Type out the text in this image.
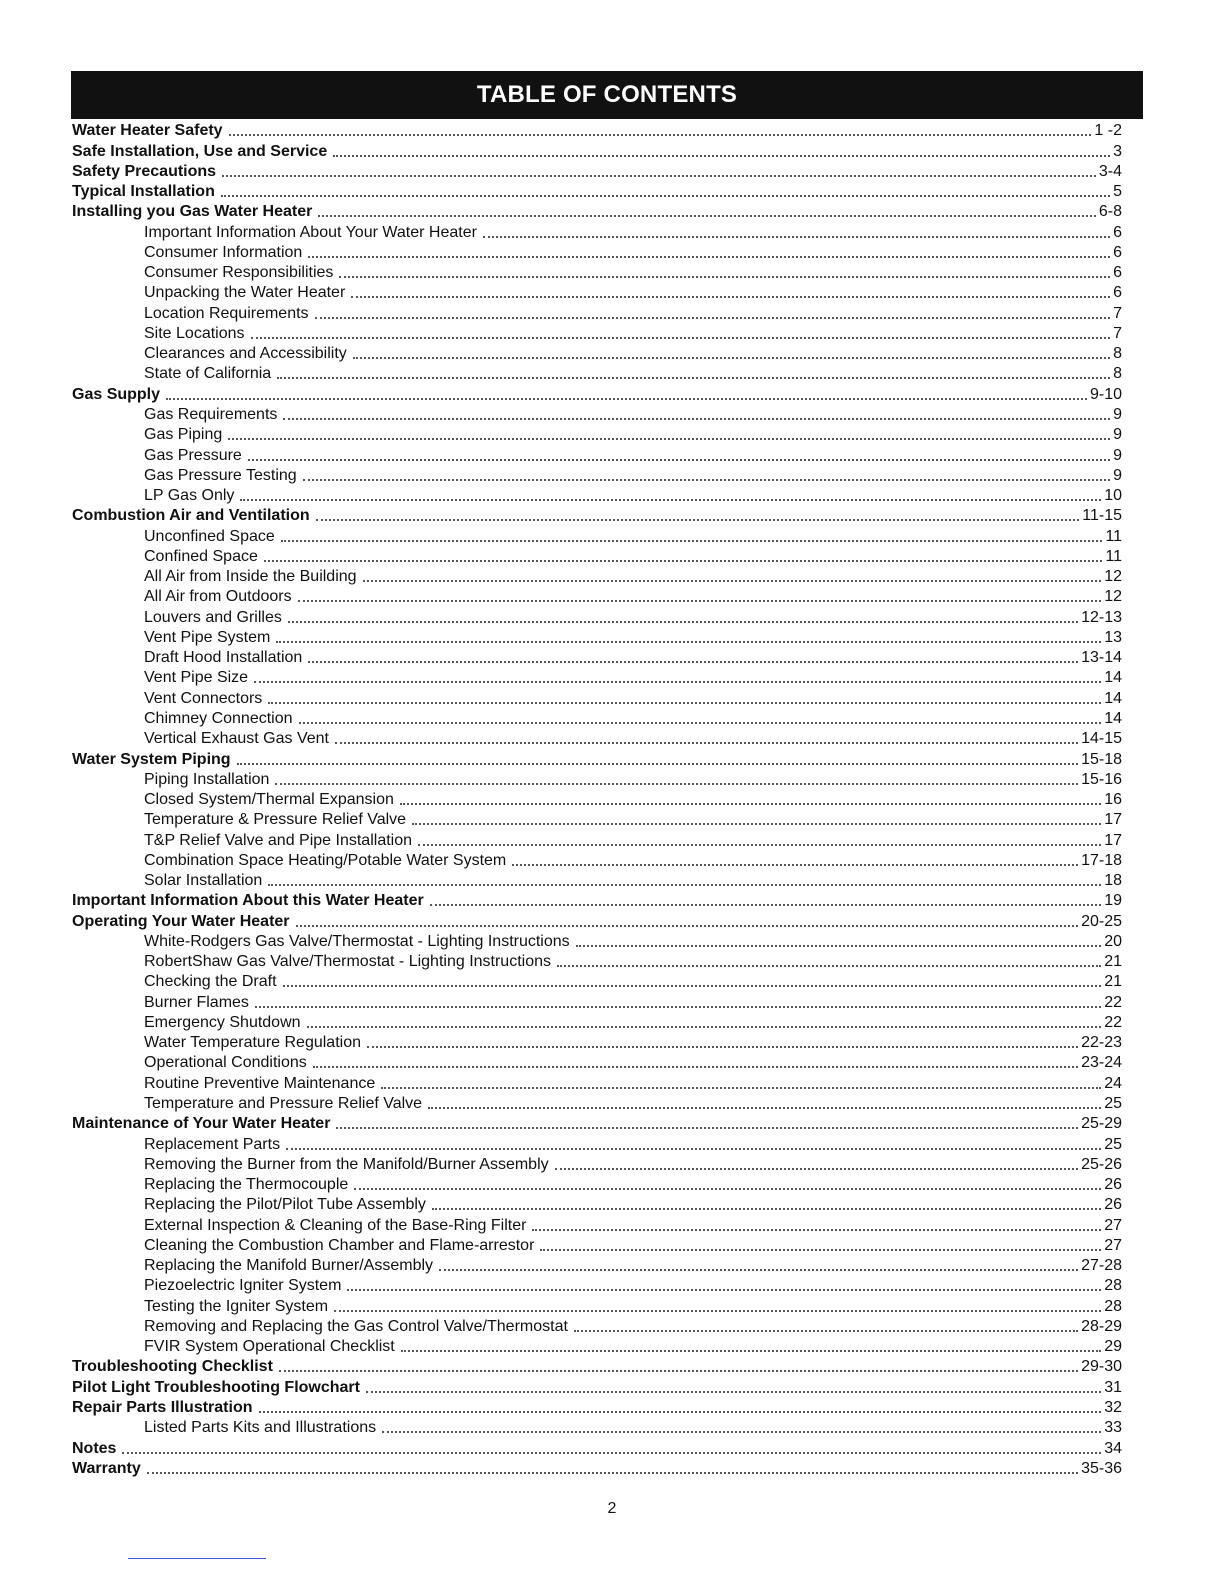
TABLE OF CONTENTS
Water Heater Safety	1 -2
Safe Installation, Use and Service	3
Safety Precautions	3-4
Typical Installation	5
Installing you Gas Water Heater	6-8
Important Information About Your Water Heater	6
Consumer Information	6
Consumer Responsibilities	6
Unpacking the Water Heater	6
Location Requirements	7
Site Locations	7
Clearances and Accessibility	8
State of California	8
Gas Supply	9-10
Gas Requirements	9
Gas Piping	9
Gas Pressure	9
Gas Pressure Testing	9
LP Gas Only	10
Combustion Air and Ventilation	11-15
Unconfined Space	11
Confined Space	11
All Air from Inside the Building	12
All Air from Outdoors	12
Louvers and Grilles	12-13
Vent Pipe System	13
Draft Hood Installation	13-14
Vent Pipe Size	14
Vent Connectors	14
Chimney Connection	14
Vertical Exhaust Gas Vent	14-15
Water System Piping	15-18
Piping Installation	15-16
Closed System/Thermal Expansion	16
Temperature & Pressure Relief Valve	17
T&P Relief Valve and Pipe Installation	17
Combination Space Heating/Potable Water System	17-18
Solar Installation	18
Important Information About this Water Heater	19
Operating Your Water Heater	20-25
White-Rodgers Gas Valve/Thermostat - Lighting Instructions	20
RobertShaw Gas Valve/Thermostat - Lighting Instructions	21
Checking the Draft	21
Burner Flames	22
Emergency Shutdown	22
Water Temperature Regulation	22-23
Operational Conditions	23-24
Routine Preventive Maintenance	24
Temperature and Pressure Relief Valve	25
Maintenance of Your Water Heater	25-29
Replacement Parts	25
Removing the Burner from the Manifold/Burner Assembly	25-26
Replacing the Thermocouple	26
Replacing the Pilot/Pilot Tube Assembly	26
External Inspection & Cleaning of the Base-Ring Filter	27
Cleaning the Combustion Chamber and Flame-arrestor	27
Replacing the Manifold Burner/Assembly	27-28
Piezoelectric Igniter System	28
Testing the Igniter System	28
Removing and Replacing the Gas Control Valve/Thermostat	28-29
FVIR System Operational Checklist	29
Troubleshooting Checklist	29-30
Pilot Light Troubleshooting Flowchart	31
Repair Parts Illustration	32
Listed Parts Kits and Illustrations	33
Notes	34
Warranty	35-36
2
